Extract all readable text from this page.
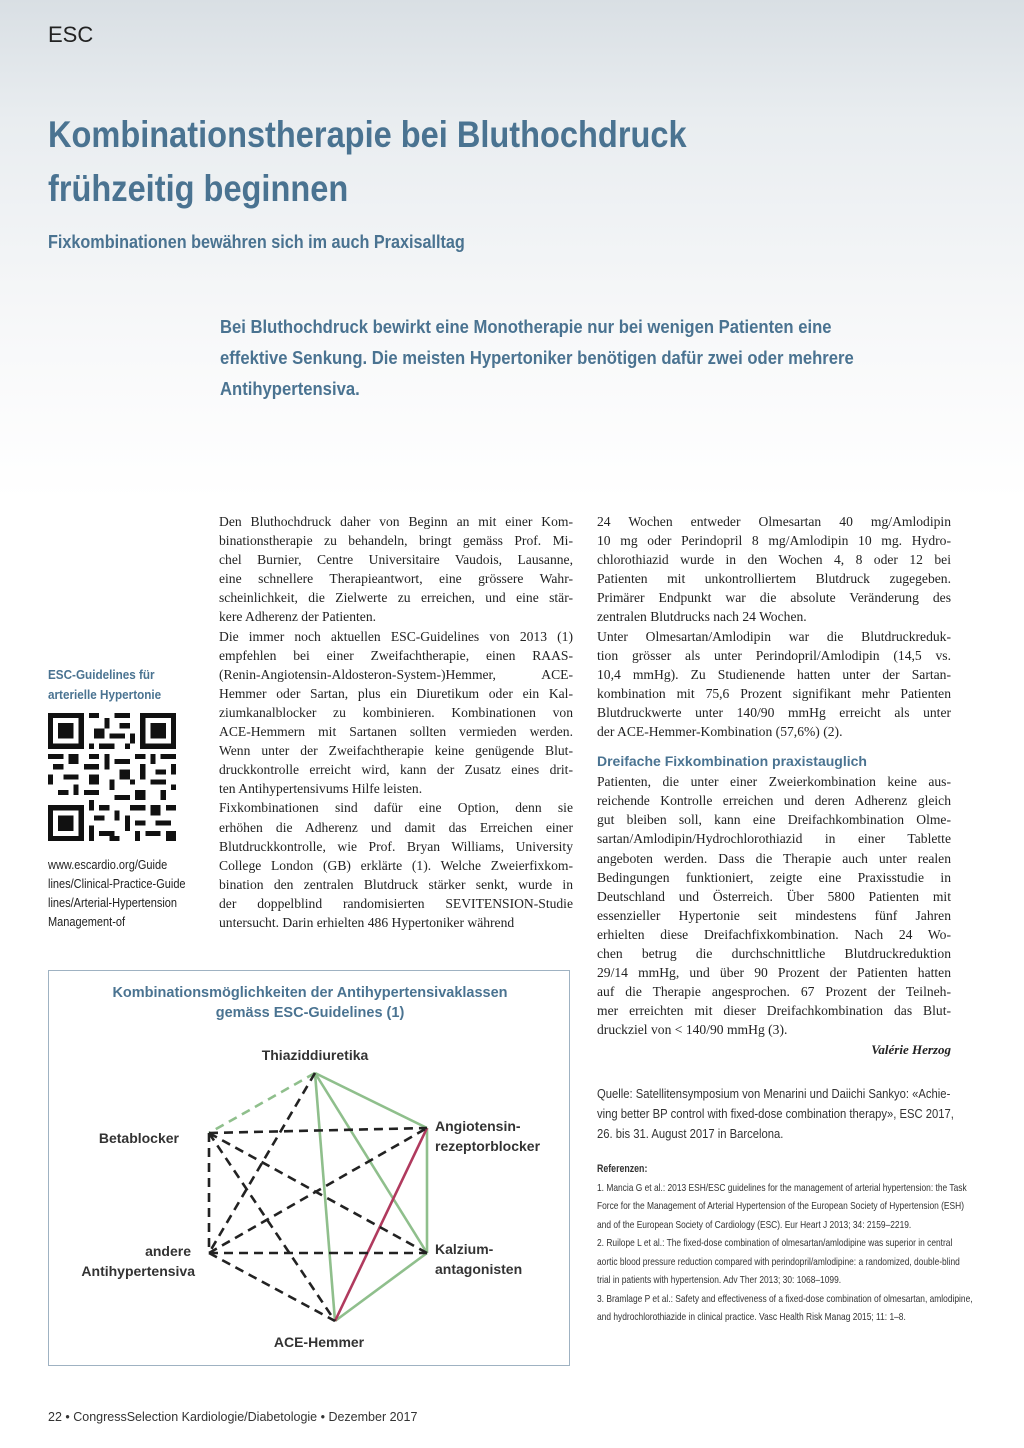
ESC
Kombinationstherapie bei Bluthochdruck
frühzeitig beginnen
Fixkombinationen bewähren sich im auch Praxisalltag

Bei Bluthochdruck bewirkt eine Monotherapie nur bei wenigen Patienten eine
effektive Senkung. Die meisten Hypertoniker benötigen dafür zwei oder mehrere
Antihypertensiva.

ESC-Guidelines für
arterielle Hypertonie
www.escardio.org/Guide
lines/Clinical-Practice-Guide
lines/Arterial-Hypertension
Management-of
Den Bluthochdruck daher von Beginn an mit einer Kom-
binationstherapie zu behandeln, bringt gemäss Prof. Mi-
chel Burnier, Centre Universitaire Vaudois, Lausanne,
eine schnellere Therapieantwort, eine grössere Wahr-
scheinlichkeit, die Zielwerte zu erreichen, und eine stär-
kere Adherenz der Patienten.
Die immer noch aktuellen ESC-Guidelines von 2013 (1)
empfehlen bei einer Zweifachtherapie, einen RAAS-
(Renin-Angiotensin-Aldosteron-System-)Hemmer, ACE-
Hemmer oder Sartan, plus ein Diuretikum oder ein Kal-
ziumkanalblocker zu kombinieren. Kombinationen von
ACE-Hemmern mit Sartanen sollten vermieden werden.
Wenn unter der Zweifachtherapie keine genügende Blut-
druckkontrolle erreicht wird, kann der Zusatz eines drit-
ten Antihypertensivums Hilfe leisten.
Fixkombinationen sind dafür eine Option, denn sie
erhöhen die Adherenz und damit das Erreichen einer
Blutdruckkontrolle, wie Prof. Bryan Williams, University
College London (GB) erklärte (1). Welche Zweierfixkom-
bination den zentralen Blutdruck stärker senkt, wurde in
der doppelblind randomisierten SEVITENSION-Studie
untersucht. Darin erhielten 486 Hypertoniker während
24 Wochen entweder Olmesartan 40 mg/Amlodipin
10 mg oder Perindopril 8 mg/Amlodipin 10 mg. Hydro-
chlorothiazid wurde in den Wochen 4, 8 oder 12 bei
Patienten mit unkontrolliertem Blutdruck zugegeben.
Primärer Endpunkt war die absolute Veränderung des
zentralen Blutdrucks nach 24 Wochen.
Unter Olmesartan/Amlodipin war die Blutdruckreduk-
tion grösser als unter Perindopril/Amlodipin (14,5 vs.
10,4 mmHg). Zu Studienende hatten unter der Sartan-
kombination mit 75,6 Prozent signifikant mehr Patienten
Blutdruckwerte unter 140/90 mmHg erreicht als unter
der ACE-Hemmer-Kombination (57,6%) (2).
Dreifache Fixkombination praxistauglich
Patienten, die unter einer Zweierkombination keine aus-
reichende Kontrolle erreichen und deren Adherenz gleich
gut bleiben soll, kann eine Dreifachkombination Olme-
sartan/Amlodipin/Hydrochlorothiazid in einer Tablette
angeboten werden. Dass die Therapie auch unter realen
Bedingungen funktioniert, zeigte eine Praxisstudie in
Deutschland und Österreich. Über 5800 Patienten mit
essenzieller Hypertonie seit mindestens fünf Jahren
erhielten diese Dreifachfixkombination. Nach 24 Wo-
chen betrug die durchschnittliche Blutdruckreduktion
29/14 mmHg, und über 90 Prozent der Patienten hatten
auf die Therapie angesprochen. 67 Prozent der Teilneh-
mer erreichten mit dieser Dreifachkombination das Blut-
druckziel von < 140/90 mmHg (3).
Valérie Herzog
Kombinationsmöglichkeiten der Antihypertensivaklassen
gemäss ESC-Guidelines (1)
Thiaziddiuretika
Betablocker
Angiotensin-
rezeptorblocker
andere
Antihypertensiva
Kalzium-
antagonisten
ACE-Hemmer
Quelle: Satellitensymposium von Menarini und Daiichi Sankyo: «Achie-
ving better BP control with fixed-dose combination therapy», ESC 2017,
26. bis 31. August 2017 in Barcelona.
Referenzen:
1. Mancia G et al.: 2013 ESH/ESC guidelines for the management of arterial hypertension: the Task
Force for the Management of Arterial Hypertension of the European Society of Hypertension (ESH)
and of the European Society of Cardiology (ESC). Eur Heart J 2013; 34: 2159–2219.
2. Ruilope L et al.: The fixed-dose combination of olmesartan/amlodipine was superior in central
aortic blood pressure reduction compared with perindopril/amlodipine: a randomized, double-blind
trial in patients with hypertension. Adv Ther 2013; 30: 1068–1099.
3. Bramlage P et al.: Safety and effectiveness of a fixed-dose combination of olmesartan, amlodipine,
and hydrochlorothiazide in clinical practice. Vasc Health Risk Manag 2015; 11: 1–8.
22 • CongressSelection Kardiologie/Diabetologie • Dezember 2017
